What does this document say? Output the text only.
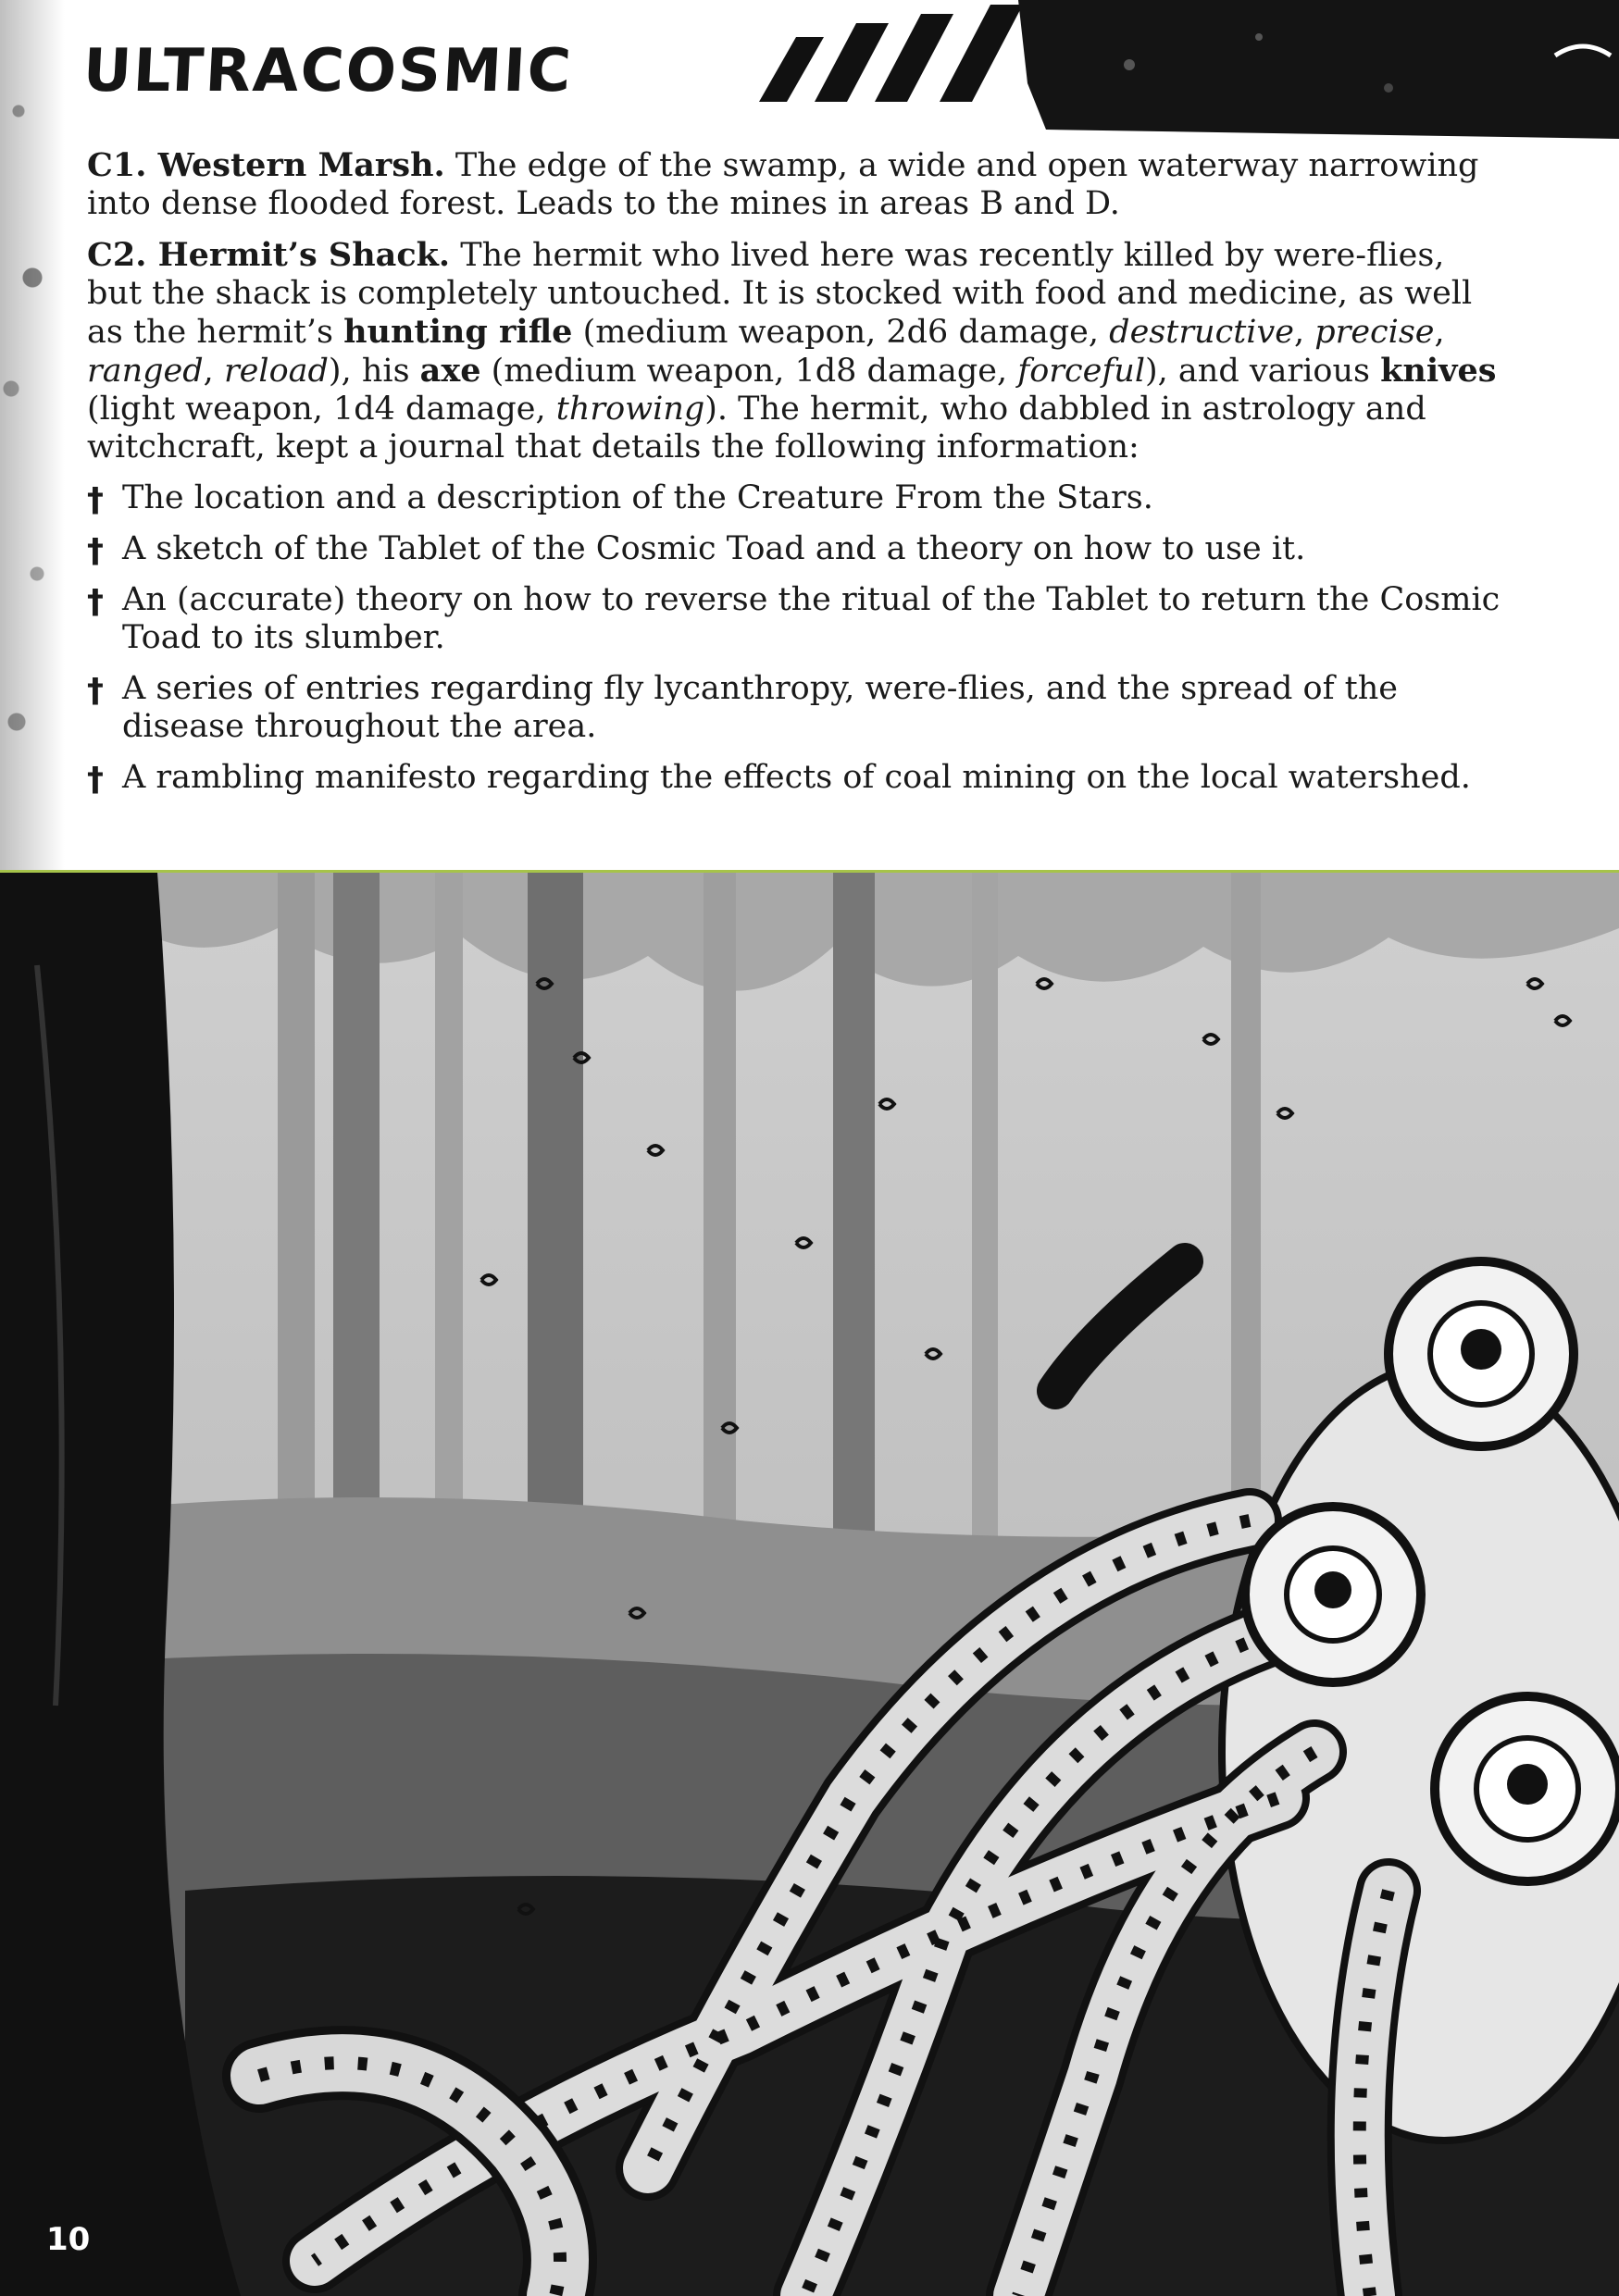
ULTRACOSMIC

C1. Western Marsh. The edge of the swamp, a wide and open waterway narrowing into dense flooded forest. Leads to the mines in areas B and D.

C2. Hermit’s Shack. The hermit who lived here was recently killed by were-flies, but the shack is completely untouched. It is stocked with food and medicine, as well as the hermit’s hunting rifle (medium weapon, 2d6 damage, destructive, precise, ranged, reload), his axe (medium weapon, 1d8 damage, forceful), and various knives (light weapon, 1d4 damage, throwing). The hermit, who dabbled in astrology and witchcraft, kept a journal that details the following information:

† The location and a description of the Creature From the Stars.
† A sketch of the Tablet of the Cosmic Toad and a theory on how to use it.
† An (accurate) theory on how to reverse the ritual of the Tablet to return the Cosmic Toad to its slumber.
† A series of entries regarding fly lycanthropy, were-flies, and the spread of the disease throughout the area.
† A rambling manifesto regarding the effects of coal mining on the local watershed.
10
